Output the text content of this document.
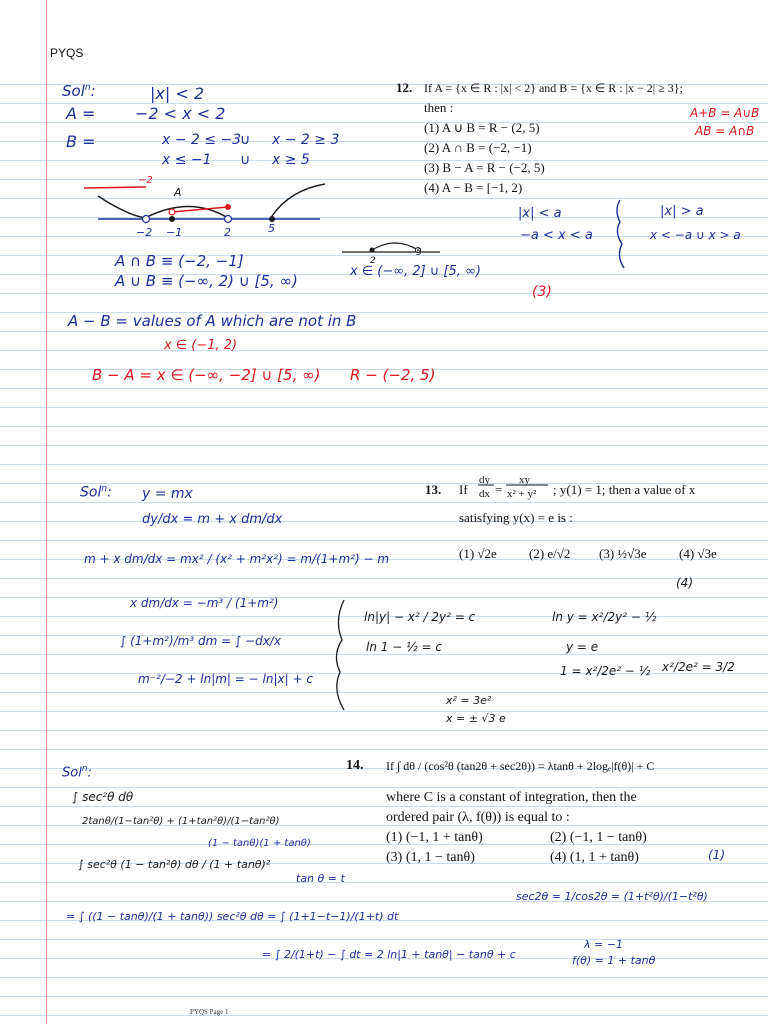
PYQS
12. If A = {x ∈ R : |x| < 2} and B = {x ∈ R : |x − 2| ≥ 3};
then :
(1) A ∪ B = R − (2, 5)
(2) A ∩ B = (−2, −1)
(3) B − A = R − (−2, 5)
(4) A − B = [−1, 2)
Sol$^n$:	|x| < 2
A = −2 < x < 2
B =	x − 2 ≤ −3
∪ x − 2 ≥ 3
x ≤ −1 ∪ x ≥ 5
−2 −1	2	5
A
−2
2
5
A ∩ B ≡ (−2, −1]
A ∪ B ≡ (−∞, 2) ∪ [5, ∞)
x ∈ (−∞, 2] ∪ [5, ∞)
A − B = values of A which are not in B
x ∈ (−1, 2)
B − A = x ∈ (−∞, −2] ∪ [5, ∞) R − (−2, 5)
A+B = A∪B
AB = A∩B
|x| < a
−a < x < a
|x| > a
x < −a ∪ x > a
(3)
13. If
dy
dx =
xy
x² + y² ; y(1) = 1; then a value of x
satisfying y(x) = e is :
(1) √2e (2) e/√2 (3) ½√3e (4) √3e
(4)
Sol$^n$: y = mx
dy/dx = m + x dm/dx
m + x dm/dx = mx² / (x² + m²x²) = m/(1+m²) − m
x dm/dx = −m³ / (1+m²)
∫ (1+m²)/m³ dm = ∫ −dx/x
m⁻²/−2 + ln|m| = − ln|x| + c
ln|y| − x² / 2y² = c
ln 1 − ½ = c
ln y = x²/2y² − ½
y = e
1 = x²/2e² − ½ x²/2e² = 3/2
x² = 3e²
x = ± √3 e
14. If ∫ dθ / (cos²θ (tan2θ + sec2θ)) = λtanθ + 2logₑ|f(θ)| + C
where C is a constant of integration, then the
ordered pair (λ, f(θ)) is equal to :
(1) (−1, 1 + tanθ)	(2) (−1, 1 − tanθ)
(3) (1, 1 − tanθ)	(4) (1, 1 + tanθ)	(1)
Sol$^n$:
∫ sec²θ dθ
2tanθ/(1−tan²θ) + (1+tan²θ)/(1−tan²θ)
(1 − tanθ)(1 + tanθ)
∫ sec²θ (1 − tan²θ) dθ / (1 + tanθ)²
tan θ = t
= ∫ ((1 − tanθ)/(1 + tanθ)) sec²θ dθ = ∫ (1+1−t−1)/(1+t) dt
= ∫ 2/(1+t) − ∫ dt = 2 ln|1 + tanθ| − tanθ + c
sec2θ = 1/cos2θ = (1+t²θ)/(1−t²θ)
λ = −1
f(θ) = 1 + tanθ
PYQS Page 1
